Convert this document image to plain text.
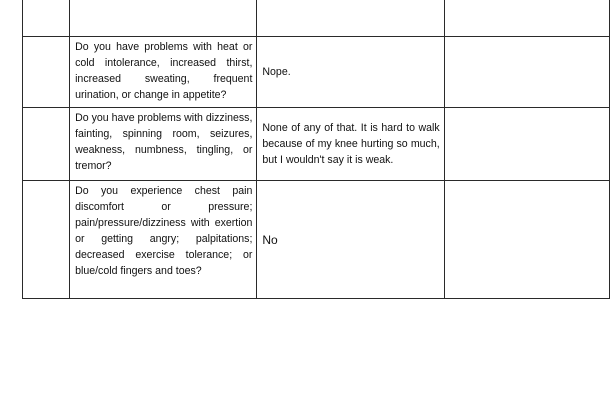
	Do you have problems with heat or cold intolerance, increased thirst, increased sweating, frequent urination, or change in appetite?	Nope.	

	Do you have problems with dizziness, fainting, spinning room, seizures, weakness, numbness, tingling, or tremor?	None of any of that. It is hard to walk because of my knee hurting so much, but I wouldn't say it is weak.	

	Do you experience chest pain discomfort or pressure; pain/pressure/dizziness with exertion or getting angry; palpitations; decreased exercise tolerance; or blue/cold fingers and toes?	No	
